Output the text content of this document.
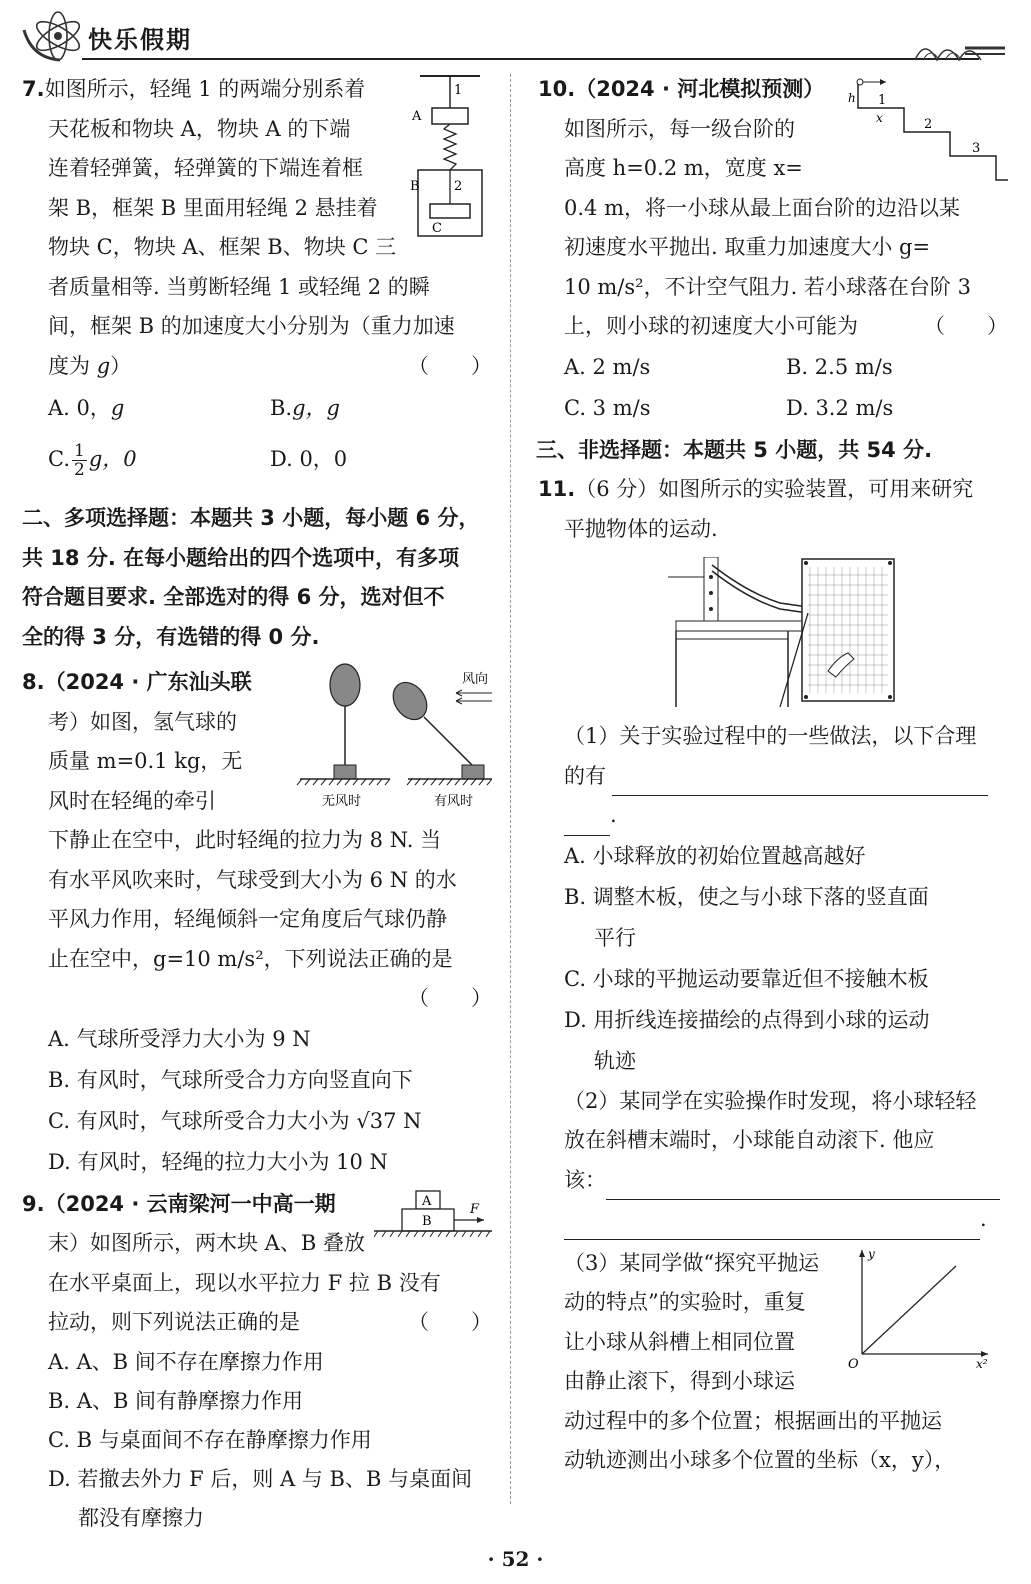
快乐假期
1
A
B	2
C
7.如图所示，轻绳 1 的两端分别系着
天花板和物块 A，物块 A 的下端
连着轻弹簧，轻弹簧的下端连着框
架 B，框架 B 里面用轻绳 2 悬挂着
物块 C，物块 A、框架 B、物块 C 三
者质量相等. 当剪断轻绳 1 或轻绳 2 的瞬
间，框架 B 的加速度大小分别为（重力加速
度为 g）	（　　）
A. 0，g	B.g，g
C. $\frac{1}{2}$ g，0	D. 0，0
二、多项选择题：本题共 3 小题，每小题 6 分，
共 18 分. 在每小题给出的四个选项中，有多项
符合题目要求. 全部选对的得 6 分，选对但不
全的得 3 分，有选错的得 0 分.
无风时	有风时
风向
8.（2024 · 广东汕头联
考）如图，氢气球的
质量 m=0.1 kg，无
风时在轻绳的牵引
下静止在空中，此时轻绳的拉力为 8 N. 当
有水平风吹来时，气球受到大小为 6 N 的水
平风力作用，轻绳倾斜一定角度后气球仍静
止在空中，g=10 m/s²，下列说法正确的是
（　　）

A. 气球所受浮力大小为 9 N
B. 有风时，气球所受合力方向竖直向下
C. 有风时，气球所受合力大小为 √37 N
D. 有风时，轻绳的拉力大小为 10 N
A
B
F
9.（2024 · 云南梁河一中高一期
末）如图所示，两木块 A、B 叠放
在水平桌面上，现以水平拉力 F 拉 B 没有
拉动，则下列说法正确的是	（　　）
A. A、B 间不存在摩擦力作用
B. A、B 间有静摩擦力作用
C. B 与桌面间不存在静摩擦力作用
D. 若撤去外力 F 后，则 A 与 B、B 与桌面间
都没有摩擦力
h 1
x	2
3
10.（2024 · 河北模拟预测）
如图所示，每一级台阶的
高度 h=0.2 m，宽度 x=
0.4 m，将一小球从最上面台阶的边沿以某
初速度水平抛出. 取重力加速度大小 g=
10 m/s²，不计空气阻力. 若小球落在台阶 3
上，则小球的初速度大小可能为	（　　）
A. 2 m/s	B. 2.5 m/s
C. 3 m/s	D. 3.2 m/s
三、非选择题：本题共 5 小题，共 54 分.
11.（6 分）如图所示的实验装置，可用来研究
平抛物体的运动.
（1）关于实验过程中的一些做法，以下合理
的有
.
A. 小球释放的初始位置越高越好
B. 调整木板，使之与小球下落的竖直面
平行
C. 小球的平抛运动要靠近但不接触木板
D. 用折线连接描绘的点得到小球的运动
轨迹
（2）某同学在实验操作时发现，将小球轻轻
放在斜槽末端时，小球能自动滚下. 他应
该：
.
y
O	x²
（3）某同学做“探究平抛运
动的特点”的实验时，重复
让小球从斜槽上相同位置
由静止滚下，得到小球运
动过程中的多个位置；根据画出的平抛运
动轨迹测出小球多个位置的坐标（x，y），
· 52 ·
